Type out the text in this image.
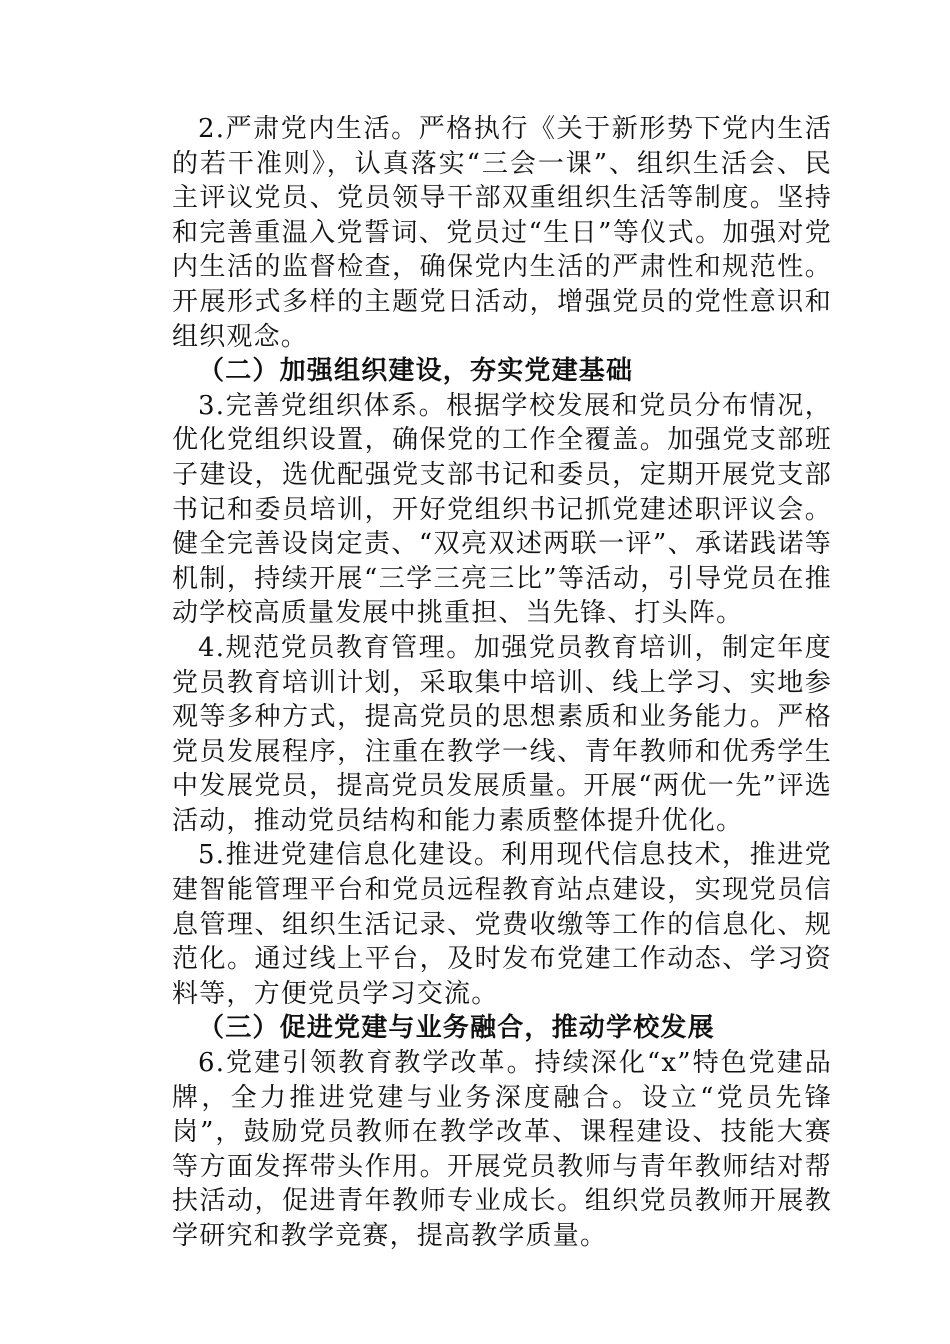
2.严肃党内生活。严格执行《关于新形势下党内生活的若干准则》，认真落实“三会一课”、组织生活会、民主评议党员、党员领导干部双重组织生活等制度。坚持和完善重温入党誓词、党员过“生日”等仪式。加强对党内生活的监督检查，确保党内生活的严肃性和规范性。开展形式多样的主题党日活动，增强党员的党性意识和组织观念。

（二）加强组织建设，夯实党建基础

3.完善党组织体系。根据学校发展和党员分布情况，优化党组织设置，确保党的工作全覆盖。加强党支部班子建设，选优配强党支部书记和委员，定期开展党支部书记和委员培训，开好党组织书记抓党建述职评议会。健全完善设岗定责、“双亮双述两联一评”、承诺践诺等机制，持续开展“三学三亮三比”等活动，引导党员在推动学校高质量发展中挑重担、当先锋、打头阵。

4.规范党员教育管理。加强党员教育培训，制定年度党员教育培训计划，采取集中培训、线上学习、实地参观等多种方式，提高党员的思想素质和业务能力。严格党员发展程序，注重在教学一线、青年教师和优秀学生中发展党员，提高党员发展质量。开展“两优一先”评选活动，推动党员结构和能力素质整体提升优化。

5.推进党建信息化建设。利用现代信息技术，推进党建智能管理平台和党员远程教育站点建设，实现党员信息管理、组织生活记录、党费收缴等工作的信息化、规范化。通过线上平台，及时发布党建工作动态、学习资料等，方便党员学习交流。

（三）促进党建与业务融合，推动学校发展

6.党建引领教育教学改革。持续深化“x”特色党建品牌，全力推进党建与业务深度融合。设立“党员先锋岗”，鼓励党员教师在教学改革、课程建设、技能大赛等方面发挥带头作用。开展党员教师与青年教师结对帮扶活动，促进青年教师专业成长。组织党员教师开展教学研究和教学竞赛，提高教学质量。
